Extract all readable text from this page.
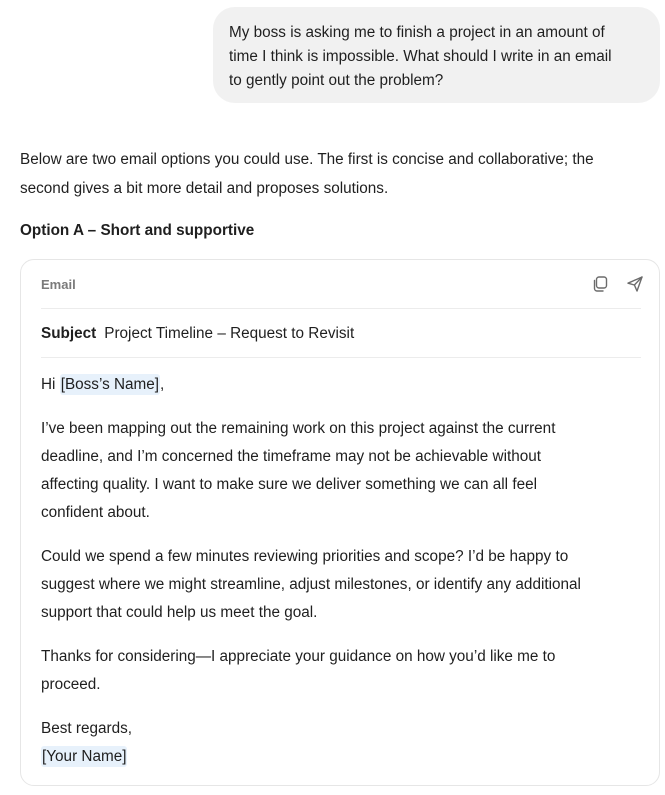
My boss is asking me to finish a project in an amount of
time I think is impossible. What should I write in an email
to gently point out the problem?
Below are two email options you could use. The first is concise and collaborative; the
second gives a bit more detail and proposes solutions.
Option A – Short and supportive
Email
Subject Project Timeline – Request to Revisit

Hi [Boss’s Name],

I’ve been mapping out the remaining work on this project against the current
deadline, and I’m concerned the timeframe may not be achievable without
affecting quality. I want to make sure we deliver something we can all feel
confident about.

Could we spend a few minutes reviewing priorities and scope? I’d be happy to
suggest where we might streamline, adjust milestones, or identify any additional
support that could help us meet the goal.

Thanks for considering—I appreciate your guidance on how you’d like me to
proceed.

Best regards,
[Your Name]
